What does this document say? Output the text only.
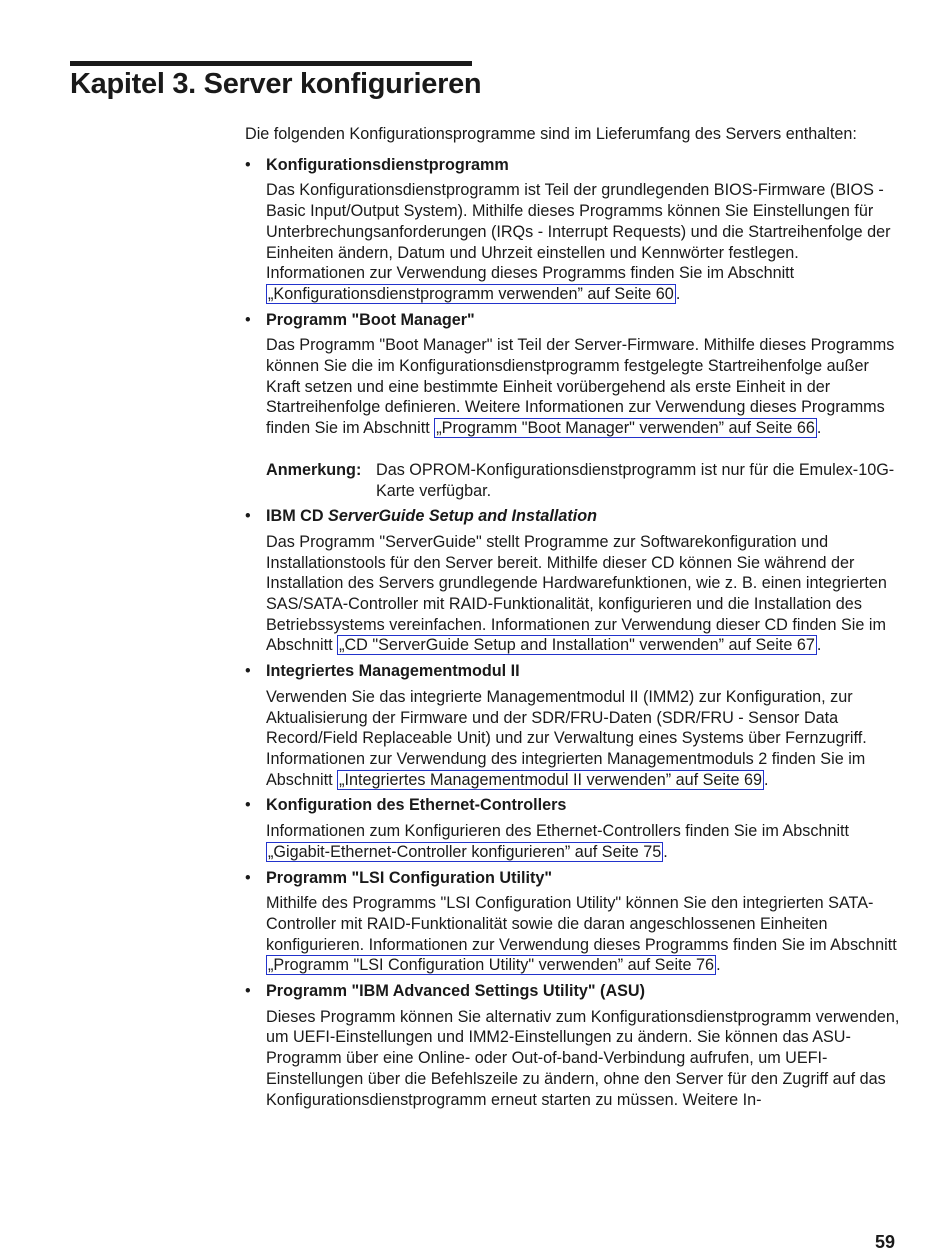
Kapitel 3. Server konfigurieren

Die folgenden Konfigurationsprogramme sind im Lieferumfang des Servers enthalten:

• Konfigurationsdienstprogramm

Das Konfigurationsdienstprogramm ist Teil der grundlegenden BIOS-Firmware (BIOS - Basic Input/Output System). Mithilfe dieses Programms können Sie Einstellungen für Unterbrechungsanforderungen (IRQs - Interrupt Requests) und die Startreihenfolge der Einheiten ändern, Datum und Uhrzeit einstellen und Kennwörter festlegen. Informationen zur Verwendung dieses Programms finden Sie im Abschnitt „Konfigurationsdienstprogramm verwenden” auf Seite 60 .

• Programm "Boot Manager"

Das Programm "Boot Manager" ist Teil der Server-Firmware. Mithilfe dieses Programms können Sie die im Konfigurationsdienstprogramm festgelegte Startreihenfolge außer Kraft setzen und eine bestimmte Einheit vorübergehend als erste Einheit in der Startreihenfolge definieren. Weitere Informationen zur Verwendung dieses Programms finden Sie im Abschnitt „Programm "Boot Manager" verwenden” auf Seite 66 .

Anmerkung: Das OPROM-Konfigurationsdienstprogramm ist nur für die Emulex-10G-Karte verfügbar.
• IBM CD ServerGuide Setup and Installation

Das Programm "ServerGuide" stellt Programme zur Softwarekonfiguration und Installationstools für den Server bereit. Mithilfe dieser CD können Sie während der Installation des Servers grundlegende Hardwarefunktionen, wie z. B. einen integrierten SAS/SATA-Controller mit RAID-Funktionalität, konfigurieren und die Installation des Betriebssystems vereinfachen. Informationen zur Verwendung dieser CD finden Sie im Abschnitt „CD "ServerGuide Setup and Installation" verwenden” auf Seite 67 .

• Integriertes Managementmodul II

Verwenden Sie das integrierte Managementmodul II (IMM2) zur Konfiguration, zur Aktualisierung der Firmware und der SDR/FRU-Daten (SDR/FRU - Sensor Data Record/Field Replaceable Unit) und zur Verwaltung eines Systems über Fernzugriff. Informationen zur Verwendung des integrierten Managementmoduls 2 finden Sie im Abschnitt „Integriertes Managementmodul II verwenden” auf Seite 69 .

• Konfiguration des Ethernet-Controllers

Informationen zum Konfigurieren des Ethernet-Controllers finden Sie im Abschnitt „Gigabit-Ethernet-Controller konfigurieren” auf Seite 75 .

• Programm "LSI Configuration Utility"

Mithilfe des Programms "LSI Configuration Utility" können Sie den integrierten SATA-Controller mit RAID-Funktionalität sowie die daran angeschlossenen Einheiten konfigurieren. Informationen zur Verwendung dieses Programms finden Sie im Abschnitt „Programm "LSI Configuration Utility" verwenden” auf Seite 76 .

• Programm "IBM Advanced Settings Utility" (ASU)

Dieses Programm können Sie alternativ zum Konfigurationsdienstprogramm verwenden, um UEFI-Einstellungen und IMM2-Einstellungen zu ändern. Sie können das ASU-Programm über eine Online- oder Out-of-band-Verbindung aufrufen, um UEFI-Einstellungen über die Befehlszeile zu ändern, ohne den Server für den Zugriff auf das Konfigurationsdienstprogramm erneut starten zu müssen. Weitere In-

59
